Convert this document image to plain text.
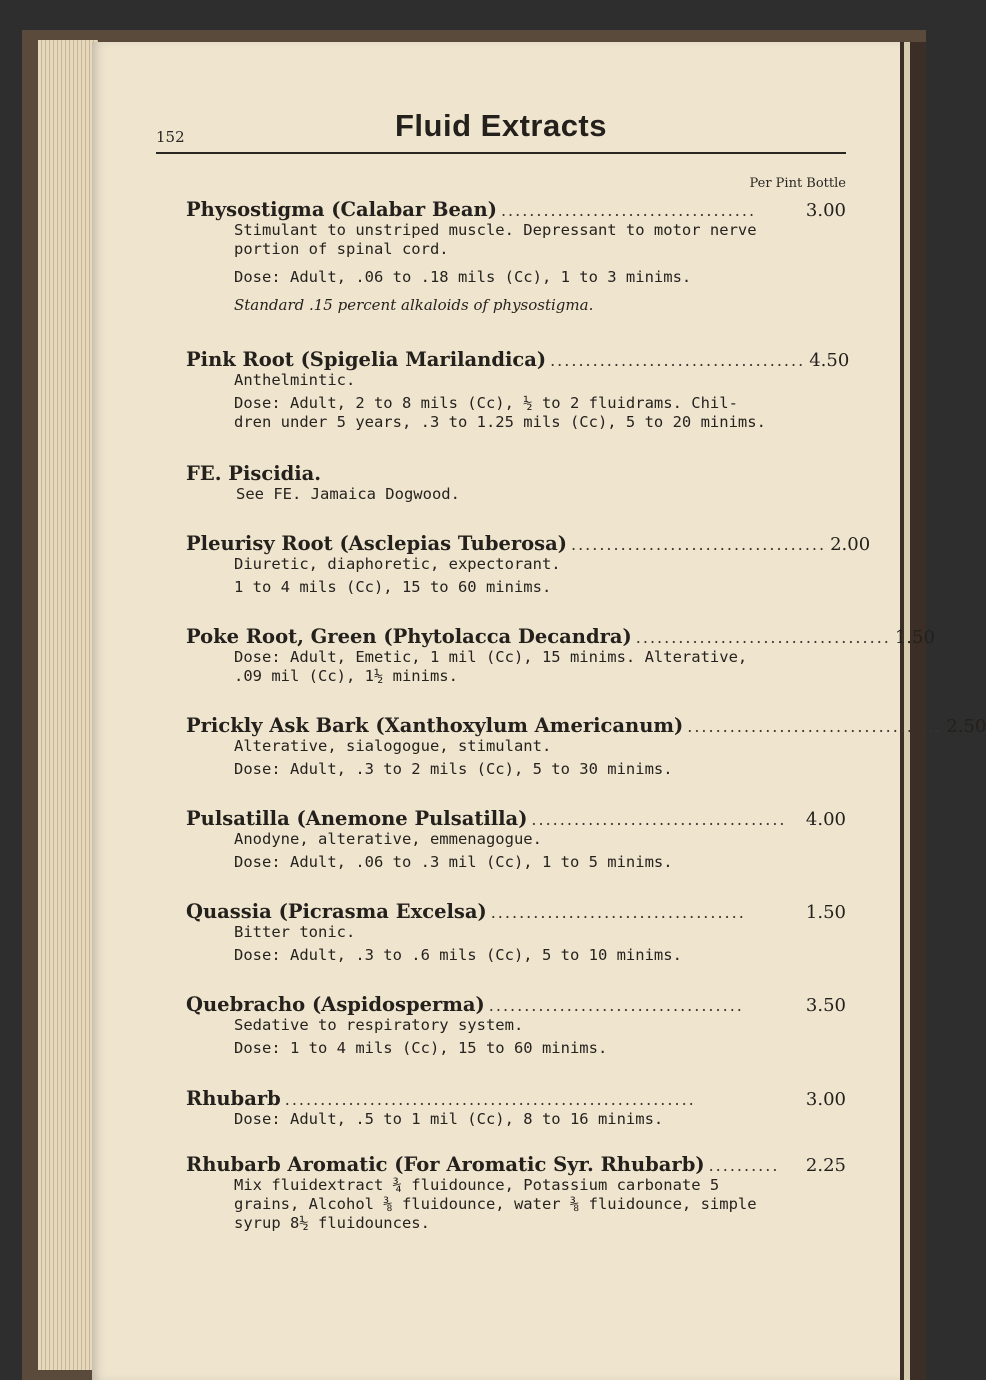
152	Fluid Extracts
Per Pint Bottle
Physostigma (Calabar Bean) ....................................	3.00
Stimulant to unstriped muscle. Depressant to motor nerve
portion of spinal cord.
Dose: Adult, .06 to .18 mils (Cc), 1 to 3 minims.
Standard .15 percent alkaloids of physostigma.
Pink Root (Spigelia Marilandica) .................................... 4.50
Anthelmintic.
Dose: Adult, 2 to 8 mils (Cc), ½ to 2 fluidrams. Chil-
dren under 5 years, .3 to 1.25 mils (Cc), 5 to 20 minims.
FE. Piscidia.
See FE. Jamaica Dogwood.
Pleurisy Root (Asclepias Tuberosa) .................................... 2.00
Diuretic, diaphoretic, expectorant.
1 to 4 mils (Cc), 15 to 60 minims.
Poke Root, Green (Phytolacca Decandra) .................................... 1.50
Dose: Adult, Emetic, 1 mil (Cc), 15 minims. Alterative,
.09 mil (Cc), 1½ minims.
Prickly Ask Bark (Xanthoxylum Americanum) .................................... 2.50
Alterative, sialogogue, stimulant.
Dose: Adult, .3 to 2 mils (Cc), 5 to 30 minims.
Pulsatilla (Anemone Pulsatilla) ....................................	4.00
Anodyne, alterative, emmenagogue.
Dose: Adult, .06 to .3 mil (Cc), 1 to 5 minims.
Quassia (Picrasma Excelsa) ....................................	1.50
Bitter tonic.
Dose: Adult, .3 to .6 mils (Cc), 5 to 10 minims.
Quebracho (Aspidosperma) ....................................	3.50
Sedative to respiratory system.
Dose: 1 to 4 mils (Cc), 15 to 60 minims.
Rhubarb ..........................................................	3.00
Dose: Adult, .5 to 1 mil (Cc), 8 to 16 minims.
Rhubarb Aromatic (For Aromatic Syr. Rhubarb) ..........	2.25
Mix fluidextract ¾ fluidounce, Potassium carbonate 5
grains, Alcohol ⅜ fluidounce, water ⅜ fluidounce, simple
syrup 8½ fluidounces.
